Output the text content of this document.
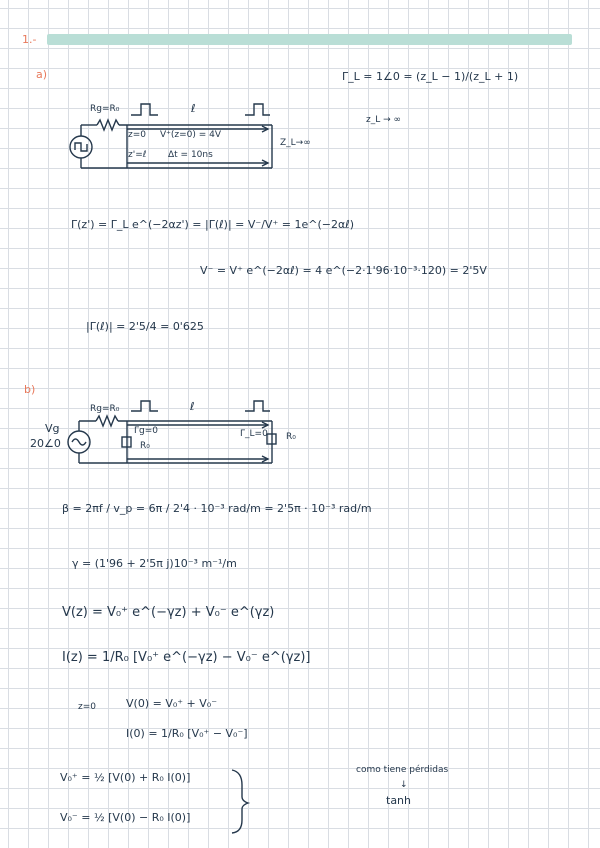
1.-
a)
Rg=R₀	ℓ
z=0 V⁺(z=0) = 4V
z'=ℓ Δt = 10ns
Z_L→∞
Γ_L = 1∠0 = (z_L − 1)/(z_L + 1)
z_L → ∞
Γ(z') = Γ_L e^(−2αz') = |Γ(ℓ)| = V⁻/V⁺ = 1e^(−2αℓ)
V⁻ = V⁺ e^(−2αℓ) = 4 e^(−2·1'96·10⁻³·120) = 2'5V
|Γ(ℓ)| = 2'5/4 = 0'625
b)
Rg=R₀	ℓ
Vg
20∠0
Γg=0
R₀
Γ_L=0 R₀
β = 2πf / v_p = 6π / 2'4 · 10⁻³ rad/m = 2'5π · 10⁻³ rad/m
γ = (1'96 + 2'5π j)10⁻³ m⁻¹/m
V(z) = V₀⁺ e^(−γz) + V₀⁻ e^(γz)
I(z) = 1/R₀ [V₀⁺ e^(−γz) − V₀⁻ e^(γz)]
z=0	V(0) = V₀⁺ + V₀⁻
I(0) = 1/R₀ [V₀⁺ − V₀⁻]
V₀⁺ = ½ [V(0) + R₀ I(0)]
V₀⁻ = ½ [V(0) − R₀ I(0)]
como tiene pérdidas
↓
tanh
